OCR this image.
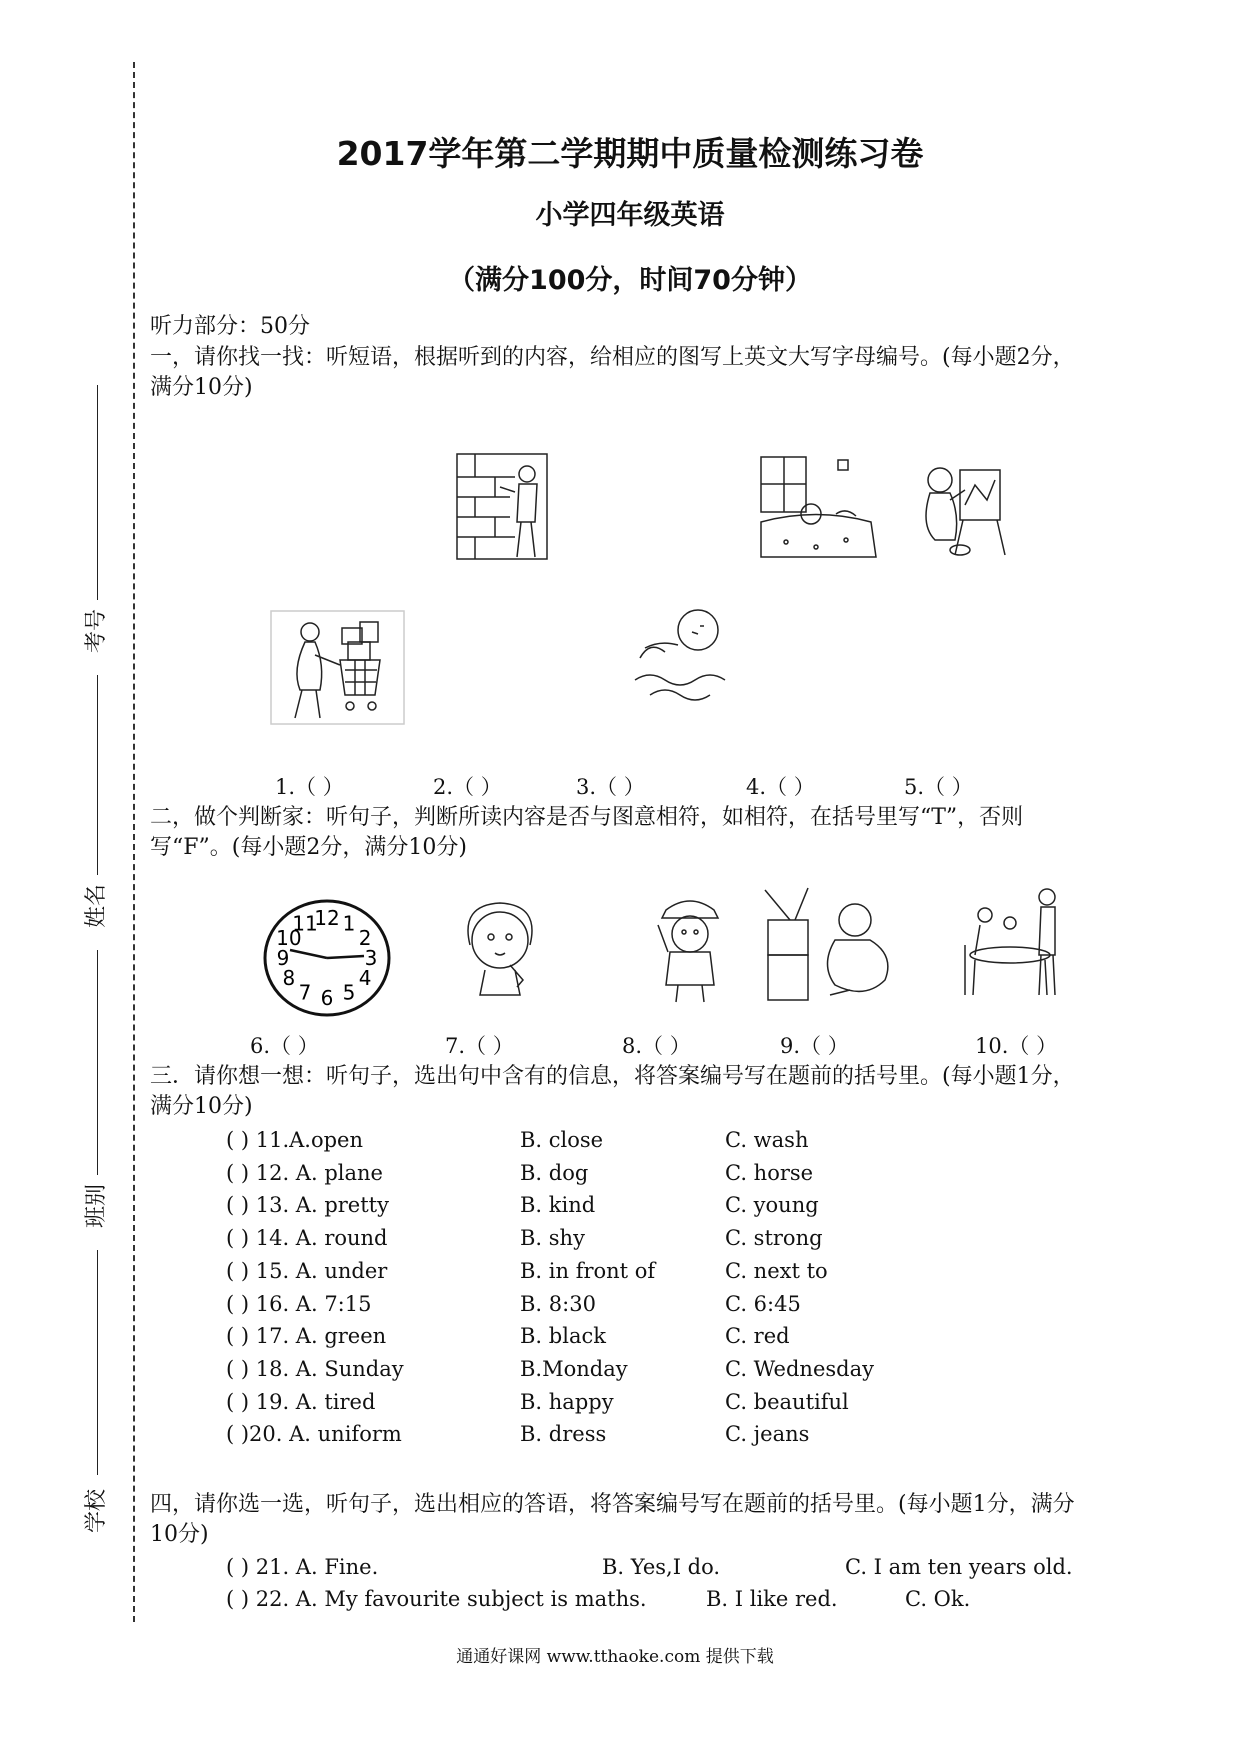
考号
姓名
班别
学校
2017学年第二学期期中质量检测练习卷
小学四年级英语
（满分100分，时间70分钟）
听力部分：50分
一，请你找一找：听短语，根据听到的内容，给相应的图写上英文大写字母编号。(每小题2分，满分10分)
1.（ ）	2.（ ）	3.（ ）	4.（ ）	5.（ ）
二，做个判断家：听句子，判断所读内容是否与图意相符，如相符，在括号里写“T”，否则写“F”。(每小题2分，满分10分)
12 1
2
3
4
5
6
7
8
9
10
11
6.（ ）	7.（ ）	8.（ ）	9.（ ）	10.（ ）
三．请你想一想：听句子，选出句中含有的信息，将答案编号写在题前的括号里。(每小题1分，满分10分)
( ) 11.A.open	B. close	C. wash
( ) 12. A. plane	B. dog	C. horse
( ) 13. A. pretty	B. kind	C. young
( ) 14. A. round	B. shy	C. strong
( ) 15. A. under	B. in front of	C. next to
( ) 16. A. 7:15	B. 8:30	C. 6:45
( ) 17. A. green	B. black	C. red
( ) 18. A. Sunday	B.Monday	C. Wednesday
( ) 19. A. tired	B. happy	C. beautiful
( )20. A. uniform	B. dress	C. jeans
四，请你选一选，听句子，选出相应的答语，将答案编号写在题前的括号里。(每小题1分，满分10分)
( ) 21. A. Fine.	B. Yes,I do.	C. I am ten years old.
( ) 22. A. My favourite subject is maths.	B. I like red.	C. Ok.
通通好课网 www.tthaoke.com 提供下载
